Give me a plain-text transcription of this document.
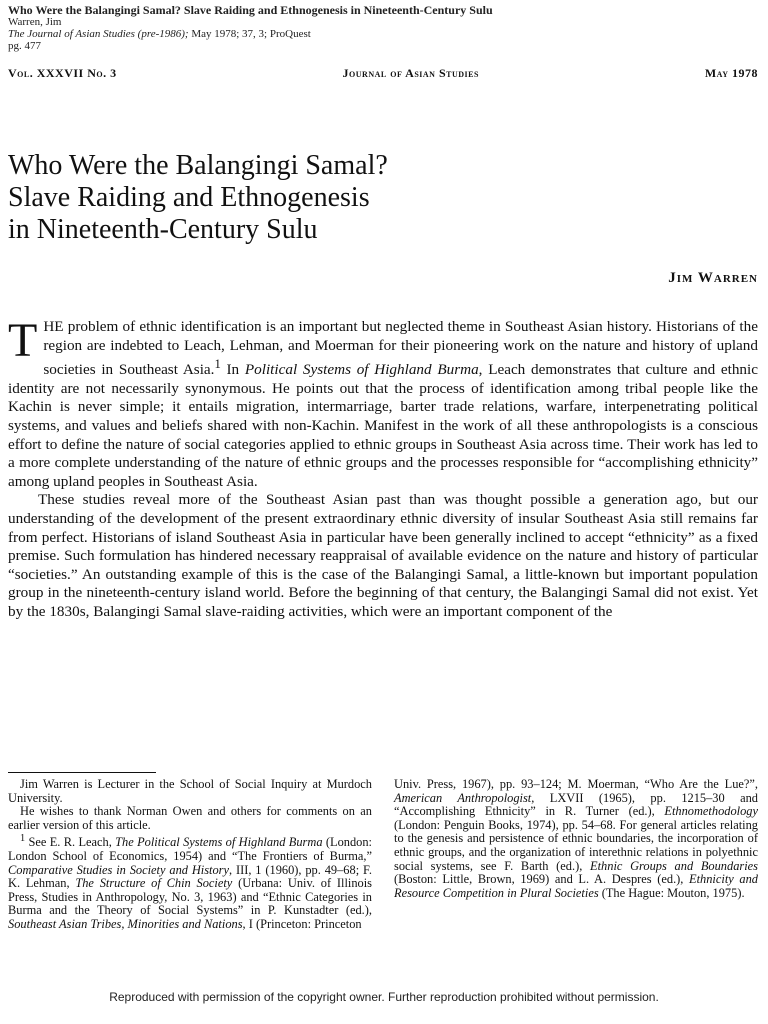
Who Were the Balangingi Samal? Slave Raiding and Ethnogenesis in Nineteenth-Century Sulu
Warren, Jim
The Journal of Asian Studies (pre-1986); May 1978; 37, 3; ProQuest
pg. 477
Vol. XXXVII No. 3	Journal of Asian Studies	May 1978
Who Were the Balangingi Samal?
Slave Raiding and Ethnogenesis
in Nineteenth-Century Sulu
Jim Warren

THE problem of ethnic identification is an important but neglected theme in Southeast Asian history. Historians of the region are indebted to Leach, Lehman, and Moerman for their pioneering work on the nature and history of upland societies in Southeast Asia.$^1$ In Political Systems of Highland Burma, Leach demonstrates that culture and ethnic identity are not necessarily synonymous. He points out that the process of identification among tribal people like the Kachin is never simple; it entails migration, intermarriage, barter trade relations, warfare, interpenetrating political systems, and values and beliefs shared with non-Kachin. Manifest in the work of all these anthropologists is a conscious effort to define the nature of social categories applied to ethnic groups in Southeast Asia across time. Their work has led to a more complete understanding of the nature of ethnic groups and the processes responsible for “accomplishing ethnicity” among upland peoples in Southeast Asia.

These studies reveal more of the Southeast Asian past than was thought possible a generation ago, but our understanding of the development of the present extraordinary ethnic diversity of insular Southeast Asia still remains far from perfect. Historians of island Southeast Asia in particular have been generally inclined to accept “ethnicity” as a fixed premise. Such formulation has hindered necessary reappraisal of available evidence on the nature and history of particular “societies.” An outstanding example of this is the case of the Balangingi Samal, a little-known but important population group in the nineteenth-century island world. Before the beginning of that century, the Balangingi Samal did not exist. Yet by the 1830s, Balangingi Samal slave-raiding activities, which were an important component of the

Jim Warren is Lecturer in the School of Social Inquiry at Murdoch University.

He wishes to thank Norman Owen and others for comments on an earlier version of this article.

$^1$ See E. R. Leach, The Political Systems of Highland Burma (London: London School of Economics, 1954) and “The Frontiers of Burma,” Comparative Studies in Society and History, III, 1 (1960), pp. 49–68; F. K. Lehman, The Structure of Chin Society (Urbana: Univ. of Illinois Press, Studies in Anthropology, No. 3, 1963) and “Ethnic Categories in Burma and the Theory of Social Systems” in P. Kunstadter (ed.), Southeast Asian Tribes, Minorities and Nations, I (Princeton: Princeton

Univ. Press, 1967), pp. 93–124; M. Moerman, “Who Are the Lue?”, American Anthropologist, LXVII (1965), pp. 1215–30 and “Accomplishing Ethnicity” in R. Turner (ed.), Ethnomethodology (London: Penguin Books, 1974), pp. 54–68. For general articles relating to the genesis and persistence of ethnic boundaries, the incorporation of ethnic groups, and the organization of interethnic relations in polyethnic social systems, see F. Barth (ed.), Ethnic Groups and Boundaries (Boston: Little, Brown, 1969) and L. A. Despres (ed.), Ethnicity and Resource Competition in Plural Societies (The Hague: Mouton, 1975).

Reproduced with permission of the copyright owner. Further reproduction prohibited without permission.
